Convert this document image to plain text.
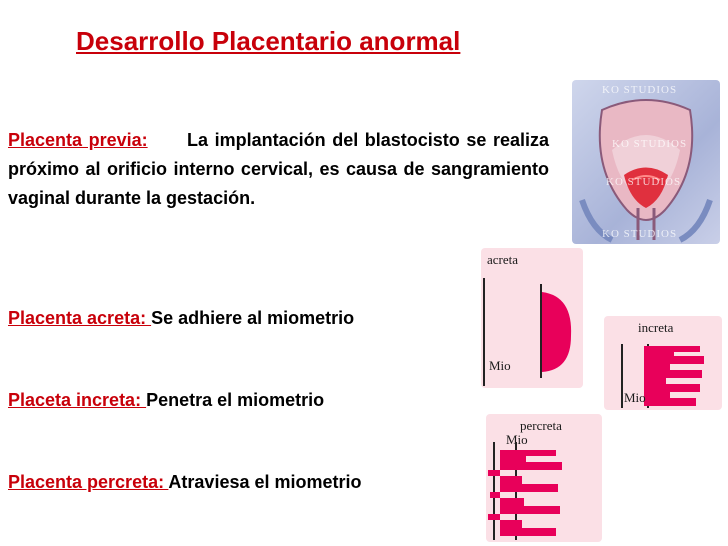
Desarrollo Placentario anormal
Placenta previa: La implantación del blastocisto se realiza próximo al orificio interno cervical, es causa de sangramiento vaginal durante la gestación.
Placenta acreta: Se adhiere al miometrio
Placeta increta: Penetra el miometrio
Placenta percreta: Atraviesa el miometrio
KO STUDIOS
KO STUDIOS
KO STUDIOS
KO STUDIOS
acreta
Mio
increta
Mio
percreta
Mio
